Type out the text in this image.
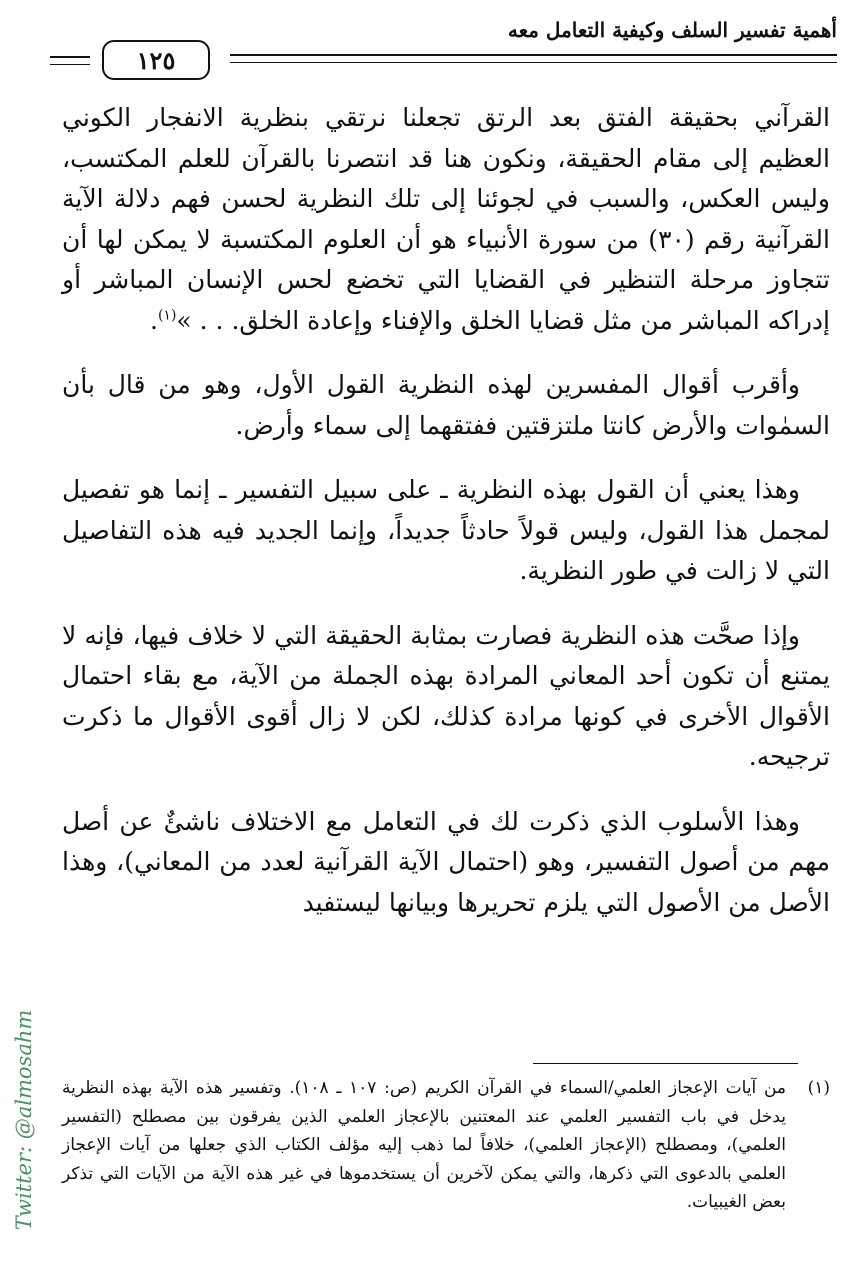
أهمية تفسير السلف وكيفية التعامل معه
١٢٥

القرآني بحقيقة الفتق بعد الرتق تجعلنا نرتقي بنظرية الانفجار الكوني العظيم إلى مقام الحقيقة، ونكون هنا قد انتصرنا بالقرآن للعلم المكتسب، وليس العكس، والسبب في لجوئنا إلى تلك النظرية لحسن فهم دلالة الآية القرآنية رقم (٣٠) من سورة الأنبياء هو أن العلوم المكتسبة لا يمكن لها أن تتجاوز مرحلة التنظير في القضايا التي تخضع لحس الإنسان المباشر أو إدراكه المباشر من مثل قضايا الخلق والإفناء وإعادة الخلق. . . »$^{(١)}$.

وأقرب أقوال المفسرين لهذه النظرية القول الأول، وهو من قال بأن السمٰوات والأرض كانتا ملتزقتين ففتقهما إلى سماء وأرض.

وهذا يعني أن القول بهذه النظرية ـ على سبيل التفسير ـ إنما هو تفصيل لمجمل هذا القول، وليس قولاً حادثاً جديداً، وإنما الجديد فيه هذه التفاصيل التي لا زالت في طور النظرية.

وإذا صحَّت هذه النظرية فصارت بمثابة الحقيقة التي لا خلاف فيها، فإنه لا يمتنع أن تكون أحد المعاني المرادة بهذه الجملة من الآية، مع بقاء احتمال الأقوال الأخرى في كونها مرادة كذلك، لكن لا زال أقوى الأقوال ما ذكرت ترجيحه.

وهذا الأسلوب الذي ذكرت لك في التعامل مع الاختلاف ناشئٌ عن أصل مهم من أصول التفسير، وهو (احتمال الآية القرآنية لعدد من المعاني)، وهذا الأصل من الأصول التي يلزم تحريرها وبيانها ليستفيد

(١)
من آيات الإعجاز العلمي/السماء في القرآن الكريم (ص: ١٠٧ ـ ١٠٨). وتفسير هذه الآية بهذه النظرية يدخل في باب التفسير العلمي عند المعتنين بالإعجاز العلمي الذين يفرقون بين مصطلح (التفسير العلمي)، ومصطلح (الإعجاز العلمي)، خلافاً لما ذهب إليه مؤلف الكتاب الذي جعلها من آيات الإعجاز العلمي بالدعوى التي ذكرها، والتي يمكن لآخرين أن يستخدموها في غير هذه الآية من الآيات التي تذكر بعض الغيبيات.
Twitter: @almosahm
